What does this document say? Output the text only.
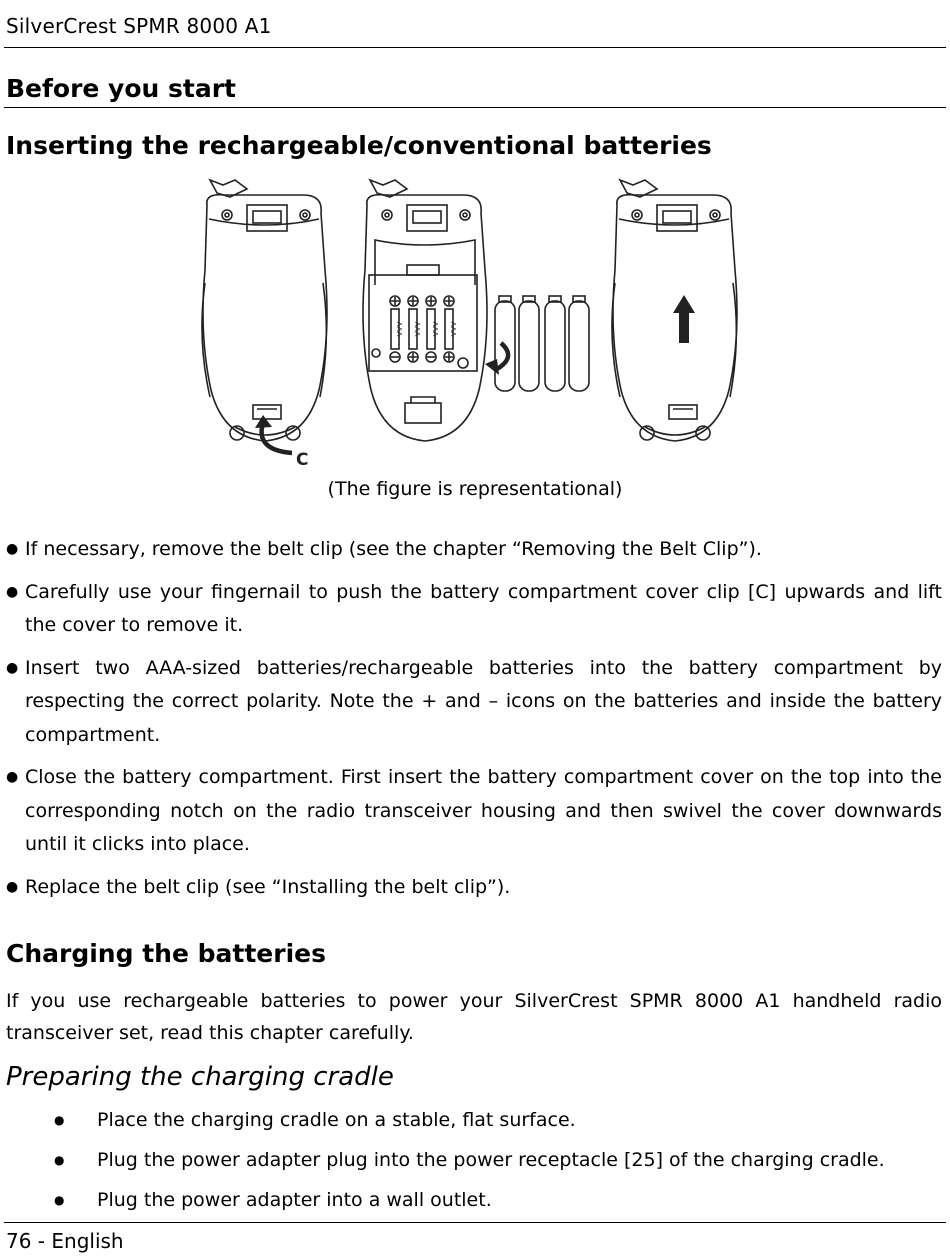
SilverCrest SPMR 8000 A1
Before you start
Inserting the rechargeable/conventional batteries
C
AAA AAA AAA AAA
(The figure is representational)
● If necessary, remove the belt clip (see the chapter “Removing the Belt Clip”).
● Carefully use your fingernail to push the battery compartment cover clip [C] upwards and lift the cover to remove it.
● Insert two AAA-sized batteries/rechargeable batteries into the battery compartment by respecting the correct polarity. Note the + and – icons on the batteries and inside the battery compartment.
● Close the battery compartment. First insert the battery compartment cover on the top into the corresponding notch on the radio transceiver housing and then swivel the cover downwards until it clicks into place.
● Replace the belt clip (see “Installing the belt clip”).
Charging the batteries
If you use rechargeable batteries to power your SilverCrest SPMR 8000 A1 handheld radio transceiver set, read this chapter carefully.
Preparing the charging cradle
● Place the charging cradle on a stable, flat surface.
● Plug the power adapter plug into the power receptacle [25] of the charging cradle.
● Plug the power adapter into a wall outlet.
76 - English
